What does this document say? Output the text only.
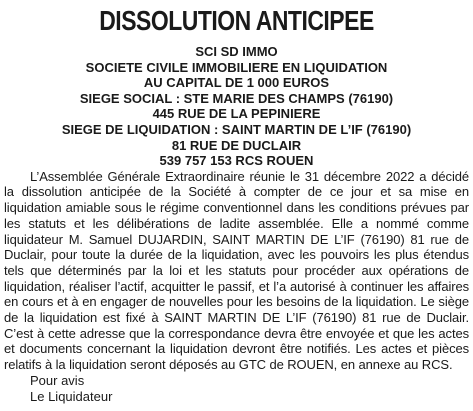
DISSOLUTION ANTICIPEE
SCI SD IMMO
SOCIETE CIVILE IMMOBILIERE EN LIQUIDATION
AU CAPITAL DE 1 000 EUROS
SIEGE SOCIAL : STE MARIE DES CHAMPS (76190)
445 RUE DE LA PEPINIERE
SIEGE DE LIQUIDATION : SAINT MARTIN DE L’IF (76190)
81 RUE DE DUCLAIR
539 757 153 RCS ROUEN

L’Assemblée Générale Extraordinaire réunie le 31 décembre 2022 a décidé la dissolution anticipée de la Société à compter de ce jour et sa mise en liquidation amiable sous le régime conventionnel dans les conditions prévues par les statuts et les délibérations de ladite assemblée. Elle a nommé comme liquidateur M. Samuel DUJARDIN, SAINT MARTIN DE L’IF (76190) 81 rue de Duclair, pour toute la durée de la liquidation, avec les pouvoirs les plus étendus tels que déterminés par la loi et les statuts pour procéder aux opérations de liquidation, réaliser l’actif, acquitter le passif, et l’a autorisé à continuer les affaires en cours et à en engager de nouvelles pour les besoins de la liquidation. Le siège de la liquidation est fixé à SAINT MARTIN DE L’IF (76190) 81 rue de Duclair. C’est à cette adresse que la correspondance devra être envoyée et que les actes et documents concernant la liquidation devront être notifiés. Les actes et pièces relatifs à la liquidation seront déposés au GTC de ROUEN, en annexe au RCS.

Pour avis

Le Liquidateur
